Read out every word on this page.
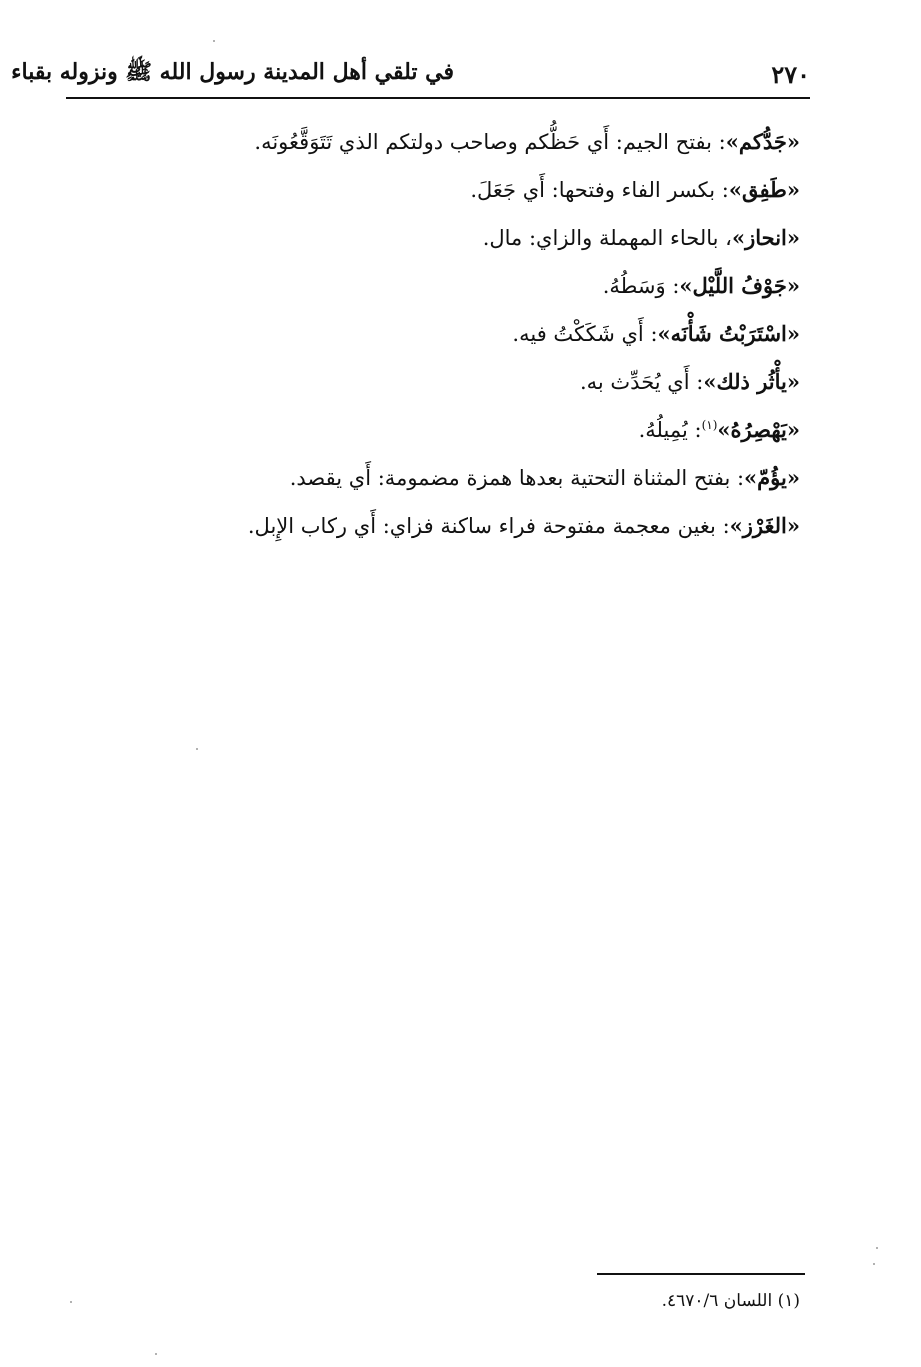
٢٧٠
في تلقي أهل المدينة رسول الله ﷺ ونزوله بقباء
«جَدُّكم»: بفتح الجيم: أَي حَظُّكم وصاحب دولتكم الذي تَتَوَقَّعُونَه.
«طَفِق»: بكسر الفاء وفتحها: أَي جَعَلَ.
«انحاز»، بالحاء المهملة والزاي: مال.
«جَوْفُ اللَّيْل»: وَسَطُهُ.
«اسْتَرَبْتُ شَأْنَه»: أَي شَكَكْتُ فيه.
«يأْثُر ذلك»: أَي يُحَدِّث به.
«يَهْصِرُهُ»$^{(١)}$: يُمِيلُهُ.
«يؤُمّ»: بفتح المثناة التحتية بعدها همزة مضمومة: أَي يقصد.
«الغَرْز»: بغين معجمة مفتوحة فراء ساكنة فزاي: أَي ركاب الإِبل.
(١) اللسان ٤٦٧٠/٦.
